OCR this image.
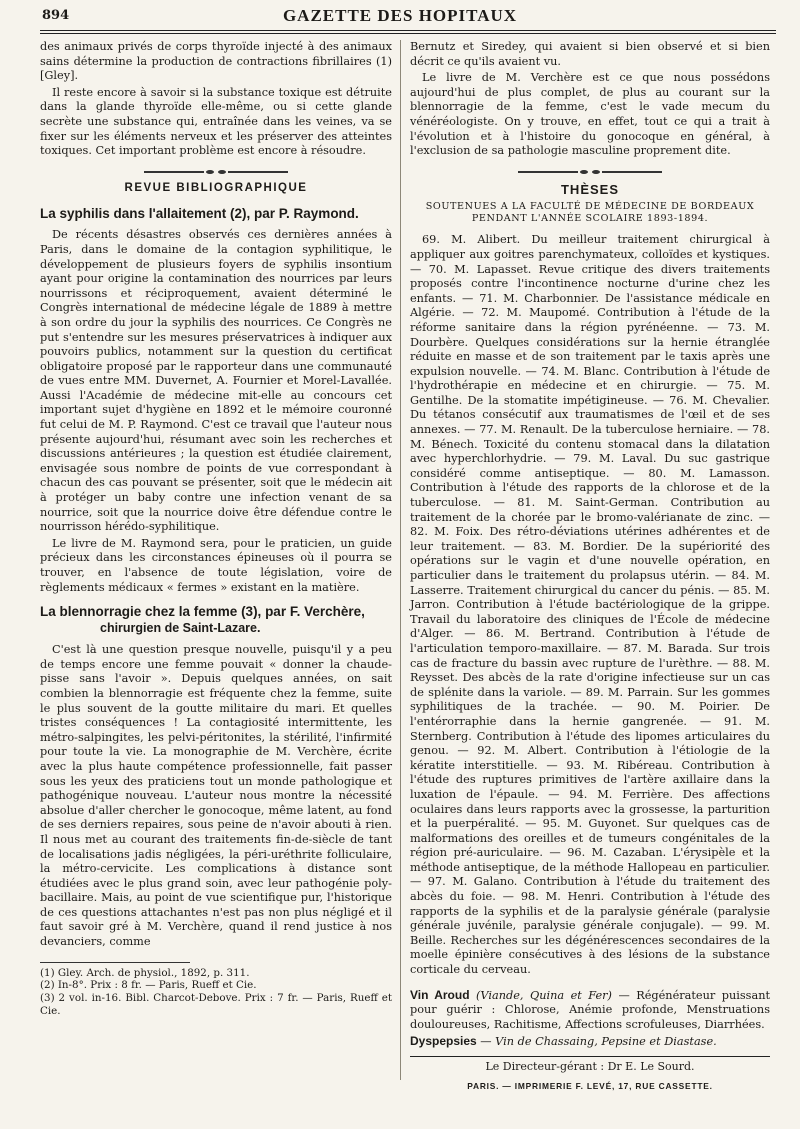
894	GAZETTE DES HOPITAUX

des animaux privés de corps thyroïde injecté à des animaux sains détermine la production de contractions fibrillaires (1) [Gley].

Il reste encore à savoir si la substance toxique est détruite dans la glande thyroïde elle-même, ou si cette glande secrète une substance qui, entraînée dans les veines, va se fixer sur les éléments nerveux et les préserver des atteintes toxiques. Cet important problème est encore à résoudre.

REVUE BIBLIOGRAPHIQUE
La syphilis dans l'allaitement (2), par P. Raymond.

De récents désastres observés ces dernières années à Paris, dans le domaine de la contagion syphilitique, le développement de plusieurs foyers de syphilis insontium ayant pour origine la contamination des nourrices par leurs nourrissons et réciproquement, avaient déterminé le Congrès international de médecine légale de 1889 à mettre à son ordre du jour la syphilis des nourrices. Ce Congrès ne put s'entendre sur les mesures préservatrices à indiquer aux pouvoirs publics, notamment sur la question du certificat obligatoire proposé par le rapporteur dans une communauté de vues entre MM. Duvernet, A. Fournier et Morel-Lavallée. Aussi l'Académie de médecine mit-elle au concours cet important sujet d'hygiène en 1892 et le mémoire couronné fut celui de M. P. Raymond. C'est ce travail que l'auteur nous présente aujourd'hui, résumant avec soin les recherches et discussions antérieures ; la question est étudiée clairement, envisagée sous nombre de points de vue correspondant à chacun des cas pouvant se présenter, soit que le médecin ait à protéger un baby contre une infection venant de sa nourrice, soit que la nourrice doive être défendue contre le nourrisson hérédo-syphilitique.

Le livre de M. Raymond sera, pour le praticien, un guide précieux dans les circonstances épineuses où il pourra se trouver, en l'absence de toute législation, voire de règlements médicaux « fermes » existant en la matière.

La blennorragie chez la femme (3), par F. Verchère,
chirurgien de Saint-Lazare.

C'est là une question presque nouvelle, puisqu'il y a peu de temps encore une femme pouvait « donner la chaude-pisse sans l'avoir ». Depuis quelques années, on sait combien la blennorragie est fréquente chez la femme, suite le plus souvent de la goutte militaire du mari. Et quelles tristes conséquences ! La contagiosité intermittente, les métro-salpingites, les pelvi-péritonites, la stérilité, l'infirmité pour toute la vie. La monographie de M. Verchère, écrite avec la plus haute compétence professionnelle, fait passer sous les yeux des praticiens tout un monde pathologique et pathogénique nouveau. L'auteur nous montre la nécessité absolue d'aller chercher le gonocoque, même latent, au fond de ses derniers repaires, sous peine de n'avoir abouti à rien. Il nous met au courant des traitements fin-de-siècle de tant de localisations jadis négligées, la péri-uréthrite folliculaire, la métro-cervicite. Les complications à distance sont étudiées avec le plus grand soin, avec leur pathogénie poly-bacillaire. Mais, au point de vue scientifique pur, l'historique de ces questions attachantes n'est pas non plus négligé et il faut savoir gré à M. Verchère, quand il rend justice à nos devanciers, comme

(1) Gley. Arch. de physiol., 1892, p. 311.
(2) In-8°. Prix : 8 fr. — Paris, Rueff et Cie.
(3) 2 vol. in-16. Bibl. Charcot-Debove. Prix : 7 fr. — Paris, Rueff et Cie.

Bernutz et Siredey, qui avaient si bien observé et si bien décrit ce qu'ils avaient vu.

Le livre de M. Verchère est ce que nous possédons aujourd'hui de plus complet, de plus au courant sur la blennorragie de la femme, c'est le vade mecum du vénéréologiste. On y trouve, en effet, tout ce qui a trait à l'évolution et à l'histoire du gonocoque en général, à l'exclusion de sa pathologie masculine proprement dite.

THÈSES
SOUTENUES A LA FACULTÉ DE MÉDECINE DE BORDEAUX
PENDANT L'ANNÉE SCOLAIRE 1893-1894.

69. M. Alibert. Du meilleur traitement chirurgical à appliquer aux goitres parenchymateux, colloïdes et kystiques. — 70. M. Lapasset. Revue critique des divers traitements proposés contre l'incontinence nocturne d'urine chez les enfants. — 71. M. Charbonnier. De l'assistance médicale en Algérie. — 72. M. Maupomé. Contribution à l'étude de la réforme sanitaire dans la région pyrénéenne. — 73. M. Dourbère. Quelques considérations sur la hernie étranglée réduite en masse et de son traitement par le taxis après une expulsion nouvelle. — 74. M. Blanc. Contribution à l'étude de l'hydrothérapie en médecine et en chirurgie. — 75. M. Gentilhe. De la stomatite impétigineuse. — 76. M. Chevalier. Du tétanos consécutif aux traumatismes de l'œil et de ses annexes. — 77. M. Renault. De la tuberculose herniaire. — 78. M. Bénech. Toxicité du contenu stomacal dans la dilatation avec hyperchlorhydrie. — 79. M. Laval. Du suc gastrique considéré comme antiseptique. — 80. M. Lamasson. Contribution à l'étude des rapports de la chlorose et de la tuberculose. — 81. M. Saint-German. Contribution au traitement de la chorée par le bromo-valérianate de zinc. — 82. M. Foix. Des rétro-déviations utérines adhérentes et de leur traitement. — 83. M. Bordier. De la supériorité des opérations sur le vagin et d'une nouvelle opération, en particulier dans le traitement du prolapsus utérin. — 84. M. Lasserre. Traitement chirurgical du cancer du pénis. — 85. M. Jarron. Contribution à l'étude bactériologique de la grippe. Travail du laboratoire des cliniques de l'École de médecine d'Alger. — 86. M. Bertrand. Contribution à l'étude de l'articulation temporo-maxillaire. — 87. M. Barada. Sur trois cas de fracture du bassin avec rupture de l'urèthre. — 88. M. Reysset. Des abcès de la rate d'origine infectieuse sur un cas de splénite dans la variole. — 89. M. Parrain. Sur les gommes syphilitiques de la trachée. — 90. M. Poirier. De l'entérorraphie dans la hernie gangrenée. — 91. M. Sternberg. Contribution à l'étude des lipomes articulaires du genou. — 92. M. Albert. Contribution à l'étiologie de la kératite interstitielle. — 93. M. Ribéreau. Contribution à l'étude des ruptures primitives de l'artère axillaire dans la luxation de l'épaule. — 94. M. Ferrière. Des affections oculaires dans leurs rapports avec la grossesse, la parturition et la puerpéralité. — 95. M. Guyonet. Sur quelques cas de malformations des oreilles et de tumeurs congénitales de la région pré-auriculaire. — 96. M. Cazaban. L'érysipèle et la méthode antiseptique, de la méthode Hallopeau en particulier. — 97. M. Galano. Contribution à l'étude du traitement des abcès du foie. — 98. M. Henri. Contribution à l'étude des rapports de la syphilis et de la paralysie générale (paralysie générale juvénile, paralysie générale conjugale). — 99. M. Beille. Recherches sur les dégénérescences secondaires de la moelle épinière consécutives à des lésions de la substance corticale du cerveau.

Vin Aroud (Viande, Quina et Fer) — Régénérateur puissant pour guérir : Chlorose, Anémie profonde, Menstruations douloureuses, Rachitisme, Affections scrofuleuses, Diarrhées.

Dyspepsies — Vin de Chassaing, Pepsine et Diastase.

Le Directeur-gérant : Dr E. Le Sourd.
PARIS. — IMPRIMERIE F. LEVÉ, 17, RUE CASSETTE.
